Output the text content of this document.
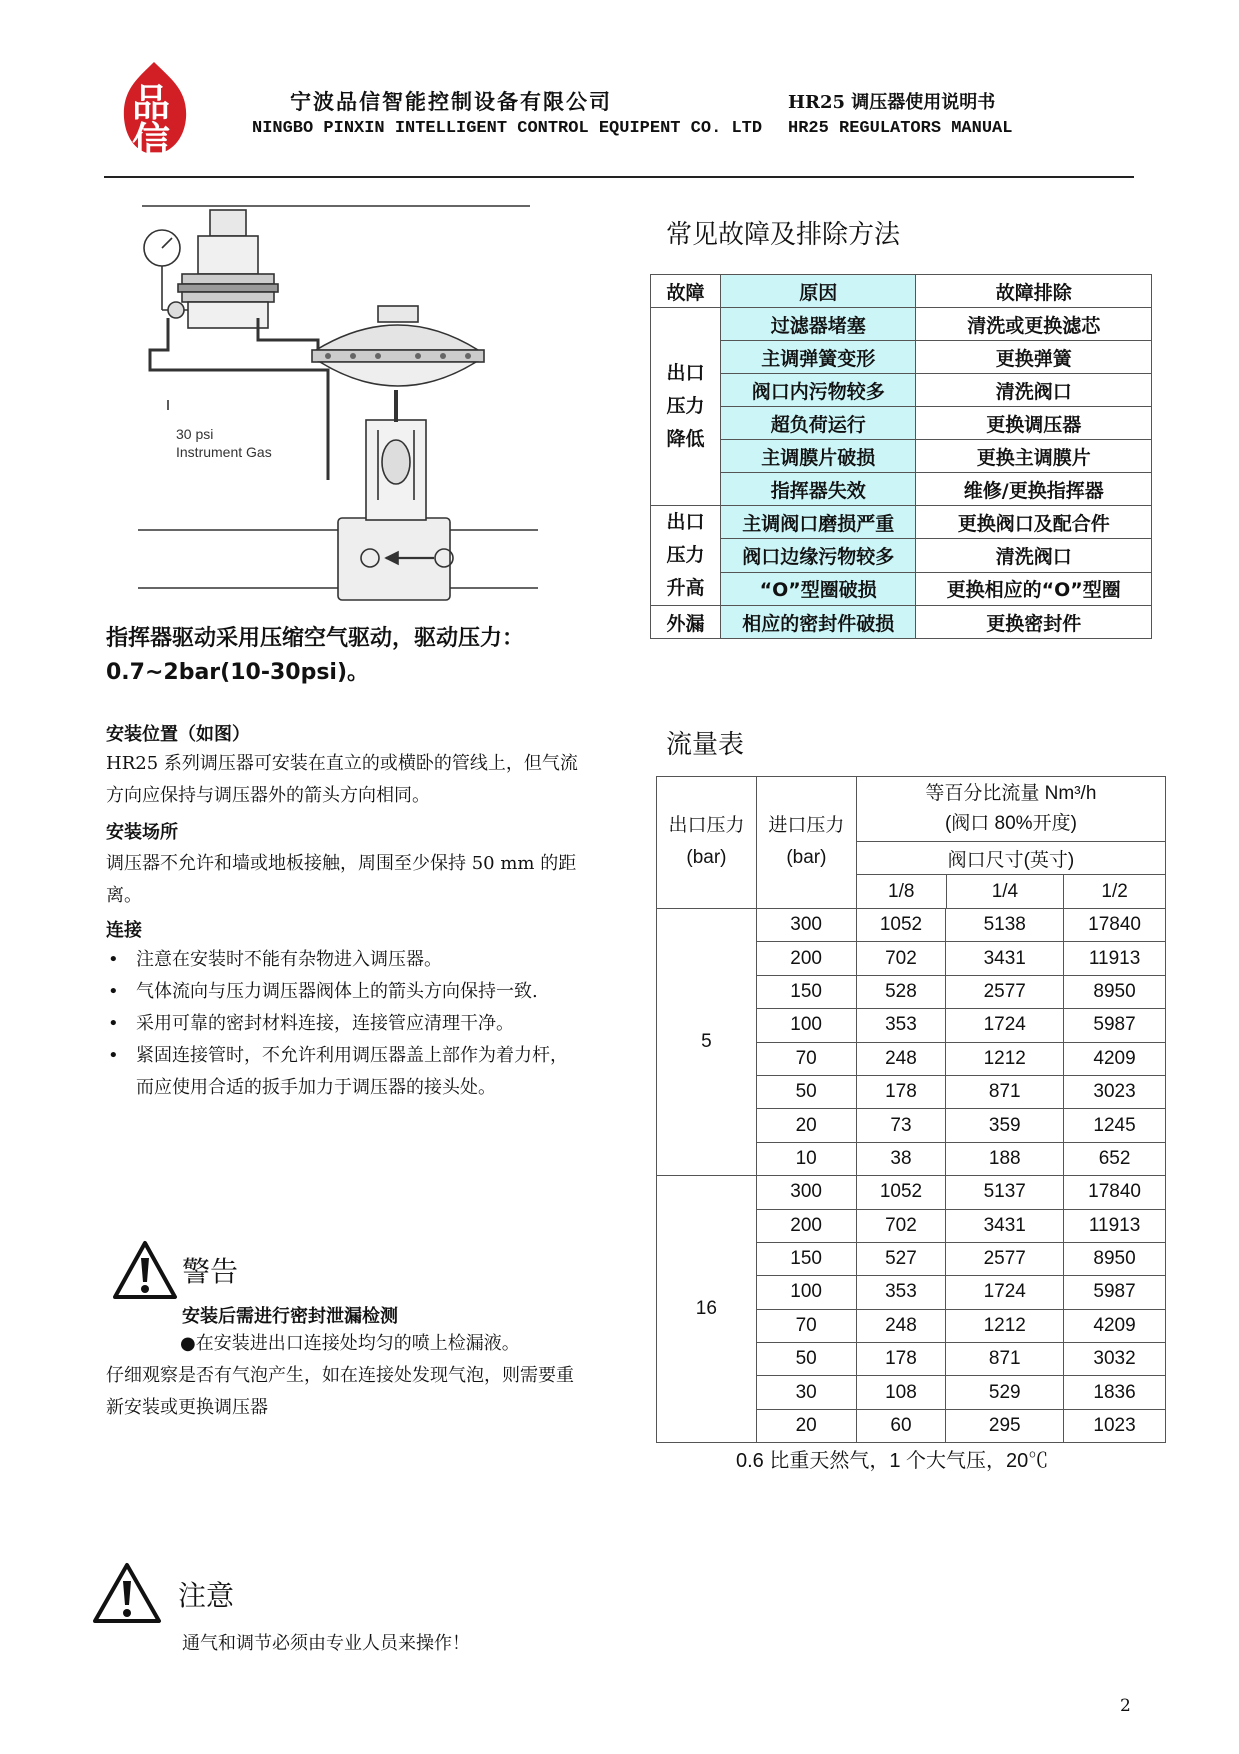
品
信
宁波品信智能控制设备有限公司
NINGBO PINXIN INTELLIGENT CONTROL EQUIPENT CO. LTD
HR25 调压器使用说明书
HR25 REGULATORS MANUAL
30 psi
Instrument Gas
指挥器驱动采用压缩空气驱动，驱动压力：0.7~2bar(10-30psi)。
安装位置（如图）
HR25 系列调压器可安装在直立的或横卧的管线上，但气流方向应保持与调压器外的箭头方向相同。
安装场所
调压器不允许和墙或地板接触，周围至少保持 50 mm 的距离。
连接
• 注意在安装时不能有杂物进入调压器。
• 气体流向与压力调压器阀体上的箭头方向保持一致.
• 采用可靠的密封材料连接，连接管应清理干净。
• 紧固连接管时，不允许利用调压器盖上部作为着力杆，而应使用合适的扳手加力于调压器的接头处。
警告
安装后需进行密封泄漏检测
●在安装进出口连接处均匀的喷上检漏液。
仔细观察是否有气泡产生，如在连接处发现气泡，则需要重新安装或更换调压器
注意
通气和调节必须由专业人员来操作！
常见故障及排除方法
故障	原因	故障排除

出口压力降低	过滤器堵塞	清洗或更换滤芯
	主调弹簧变形	更换弹簧
	阀口内污物较多	清洗阀口
	超负荷运行	更换调压器
	主调膜片破损	更换主调膜片
	指挥器失效	维修/更换指挥器

出口压力升高	主调阀口磨损严重	更换阀口及配合件
	阀口边缘污物较多	清洗阀口
	“O”型圈破损	更换相应的“O”型圈
外漏	相应的密封件破损	更换密封件
流量表
出口压力(bar)	进口压力(bar)	等百分比流量 Nm³/h
(阀口 80%开度)		

		阀口尺寸(英寸)		
		1/8	1/4	1/2
5	300	1052	5138	17840
	200	702	3431	11913
	150	528	2577	8950
	100	353	1724	5987
	70	248	1212	4209
	50	178	871	3023
	20	73	359	1245
	10	38	188	652
16	300	1052	5137	17840
	200	702	3431	11913
	150	527	2577	8950
	100	353	1724	5987
	70	248	1212	4209
	50	178	871	3032
	30	108	529	1836
	20	60	295	1023
0.6 比重天然气，1 个大气压，20℃
2
